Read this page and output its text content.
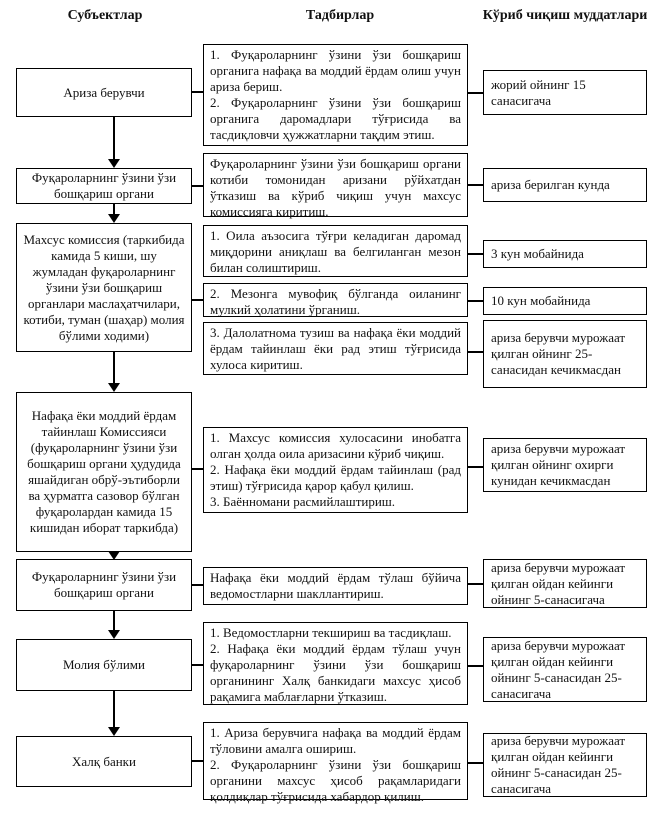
Субъектлар	Тадбирлар	Кўриб чиқиш муддатлари
Ариза берувчи
Фуқароларнинг ўзини ўзи бошқариш органи
Махсус комиссия (таркибида камида 5 киши, шу жумладан фуқароларнинг ўзини ўзи бошқариш органлари маслаҳатчилари, котиби, туман (шаҳар) молия бўлими ходими)
Нафақа ёки моддий ёрдам тайинлаш Комиссияси (фуқароларнинг ўзини ўзи бошқариш органи ҳудудида яшайдиган обрў-эътиборли ва ҳурматга сазовор бўлган фуқаролардан камида 15 кишидан иборат таркибда)
Фуқароларнинг ўзини ўзи бошқариш органи
Молия бўлими
Халқ банки
1. Фуқароларнинг ўзини ўзи бошқариш органига нафақа ва моддий ёрдам олиш учун ариза бериш.
2. Фуқароларнинг ўзини ўзи бошқариш органига даромадлари тўғрисида ва тасдиқловчи ҳужжатларни тақдим этиш.
Фуқароларнинг ўзини ўзи бошқариш органи котиби томонидан аризани рўйхатдан ўтказиш ва кўриб чиқиш учун махсус комиссияга киритиш.
1. Оила аъзосига тўғри келадиган даромад миқдорини аниқлаш ва белгиланган мезон билан солиштириш.
2. Мезонга мувофиқ бўлганда оиланинг мулкий ҳолатини ўрганиш.
3. Далолатнома тузиш ва нафақа ёки моддий ёрдам тайинлаш ёки рад этиш тўғрисида хулоса киритиш.
1. Махсус комиссия хулосасини инобатга олган ҳолда оила аризасини кўриб чиқиш.
2. Нафақа ёки моддий ёрдам тайинлаш (рад этиш) тўғрисида қарор қабул қилиш.
3. Баённомани расмийлаштириш.
Нафақа ёки моддий ёрдам тўлаш бўйича ведомостларни шакллантириш.
1. Ведомостларни текшириш ва тасдиқлаш.
2. Нафақа ёки моддий ёрдам тўлаш учун фуқароларнинг ўзини ўзи бошқариш органининг Халқ банкидаги махсус ҳисоб рақамига маблағларни ўтказиш.
1. Ариза берувчига нафақа ва моддий ёрдам тўловини амалга ошириш.
2. Фуқароларнинг ўзини ўзи бошқариш органини махсус ҳисоб рақамларидаги қолдиқлар тўғрисида хабардор қилиш.
жорий ойнинг 15 санасигача
ариза берилган кунда
3 кун мобайнида
10 кун мобайнида
ариза берувчи мурожаат қилган ойнинг 25-санасидан кечикмасдан
ариза берувчи мурожаат қилган ойнинг охирги кунидан кечикмасдан
ариза берувчи мурожаат қилган ойдан кейинги ойнинг 5-санасигача
ариза берувчи мурожаат қилган ойдан кейинги ойнинг 5-санасидан 25-санасигача
ариза берувчи мурожаат қилган ойдан кейинги ойнинг 5-санасидан 25-санасигача
